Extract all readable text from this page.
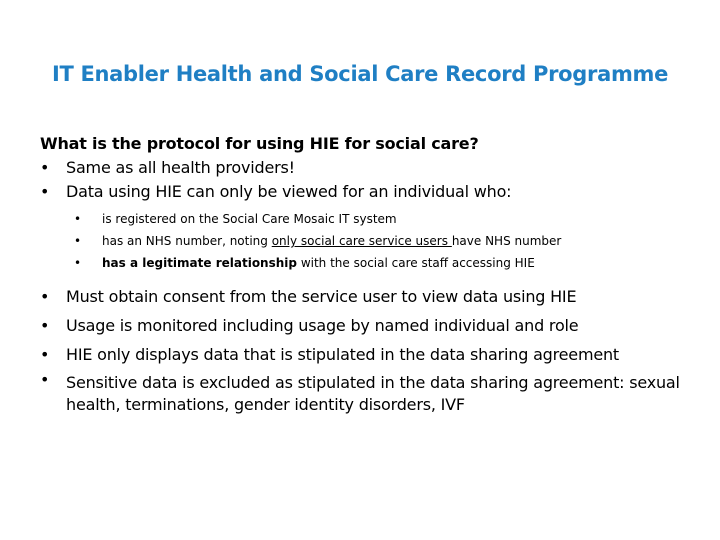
IT Enabler Health and Social Care Record Programme
What is the protocol for using HIE for social care?
• Same as all health providers!
• Data using HIE can only be viewed for an individual who:
• is registered on the Social Care Mosaic IT system
• has an NHS number, noting only social care service users have NHS number
• has a legitimate relationship with the social care staff accessing HIE
• Must obtain consent from the service user to view data using HIE
• Usage is monitored including usage by named individual and role
• HIE only displays data that is stipulated in the data sharing agreement
• Sensitive data is excluded as stipulated in the data sharing agreement: sexual health, terminations, gender identity disorders, IVF
